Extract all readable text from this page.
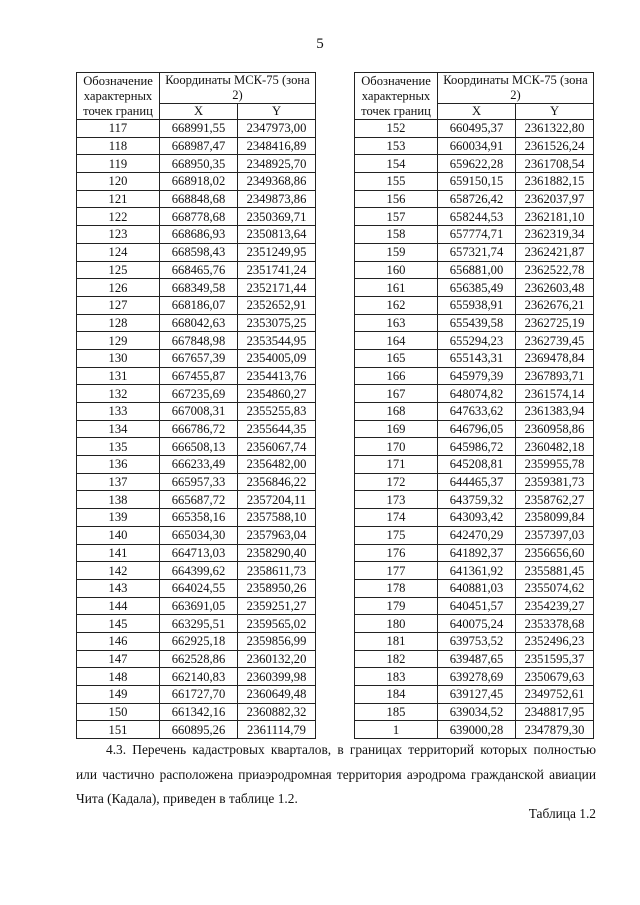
5
Обозначение характерных точек границ	Координаты МСК-75 (зона 2)	
	X	Y
117	668991,55	2347973,00
118	668987,47	2348416,89
119	668950,35	2348925,70
120	668918,02	2349368,86
121	668848,68	2349873,86
122	668778,68	2350369,71
123	668686,93	2350813,64
124	668598,43	2351249,95
125	668465,76	2351741,24
126	668349,58	2352171,44
127	668186,07	2352652,91
128	668042,63	2353075,25
129	667848,98	2353544,95
130	667657,39	2354005,09
131	667455,87	2354413,76
132	667235,69	2354860,27
133	667008,31	2355255,83
134	666786,72	2355644,35
135	666508,13	2356067,74
136	666233,49	2356482,00
137	665957,33	2356846,22
138	665687,72	2357204,11
139	665358,16	2357588,10
140	665034,30	2357963,04
141	664713,03	2358290,40
142	664399,62	2358611,73
143	664024,55	2358950,26
144	663691,05	2359251,27
145	663295,51	2359565,02
146	662925,18	2359856,99
147	662528,86	2360132,20
148	662140,83	2360399,98
149	661727,70	2360649,48
150	661342,16	2360882,32
151	660895,26	2361114,79
Обозначение характерных точек границ	Координаты МСК-75 (зона 2)	
	X	Y
152	660495,37	2361322,80
153	660034,91	2361526,24
154	659622,28	2361708,54
155	659150,15	2361882,15
156	658726,42	2362037,97
157	658244,53	2362181,10
158	657774,71	2362319,34
159	657321,74	2362421,87
160	656881,00	2362522,78
161	656385,49	2362603,48
162	655938,91	2362676,21
163	655439,58	2362725,19
164	655294,23	2362739,45
165	655143,31	2369478,84
166	645979,39	2367893,71
167	648074,82	2361574,14
168	647633,62	2361383,94
169	646796,05	2360958,86
170	645986,72	2360482,18
171	645208,81	2359955,78
172	644465,37	2359381,73
173	643759,32	2358762,27
174	643093,42	2358099,84
175	642470,29	2357397,03
176	641892,37	2356656,60
177	641361,92	2355881,45
178	640881,03	2355074,62
179	640451,57	2354239,27
180	640075,24	2353378,68
181	639753,52	2352496,23
182	639487,65	2351595,37
183	639278,69	2350679,63
184	639127,45	2349752,61
185	639034,52	2348817,95
1	639000,28	2347879,30

4.3. Перечень кадастровых кварталов, в границах территорий которых полностью или частично расположена приаэродромная территория аэродрома гражданской авиации Чита (Кадала), приведен в таблице 1.2.

Таблица 1.2
